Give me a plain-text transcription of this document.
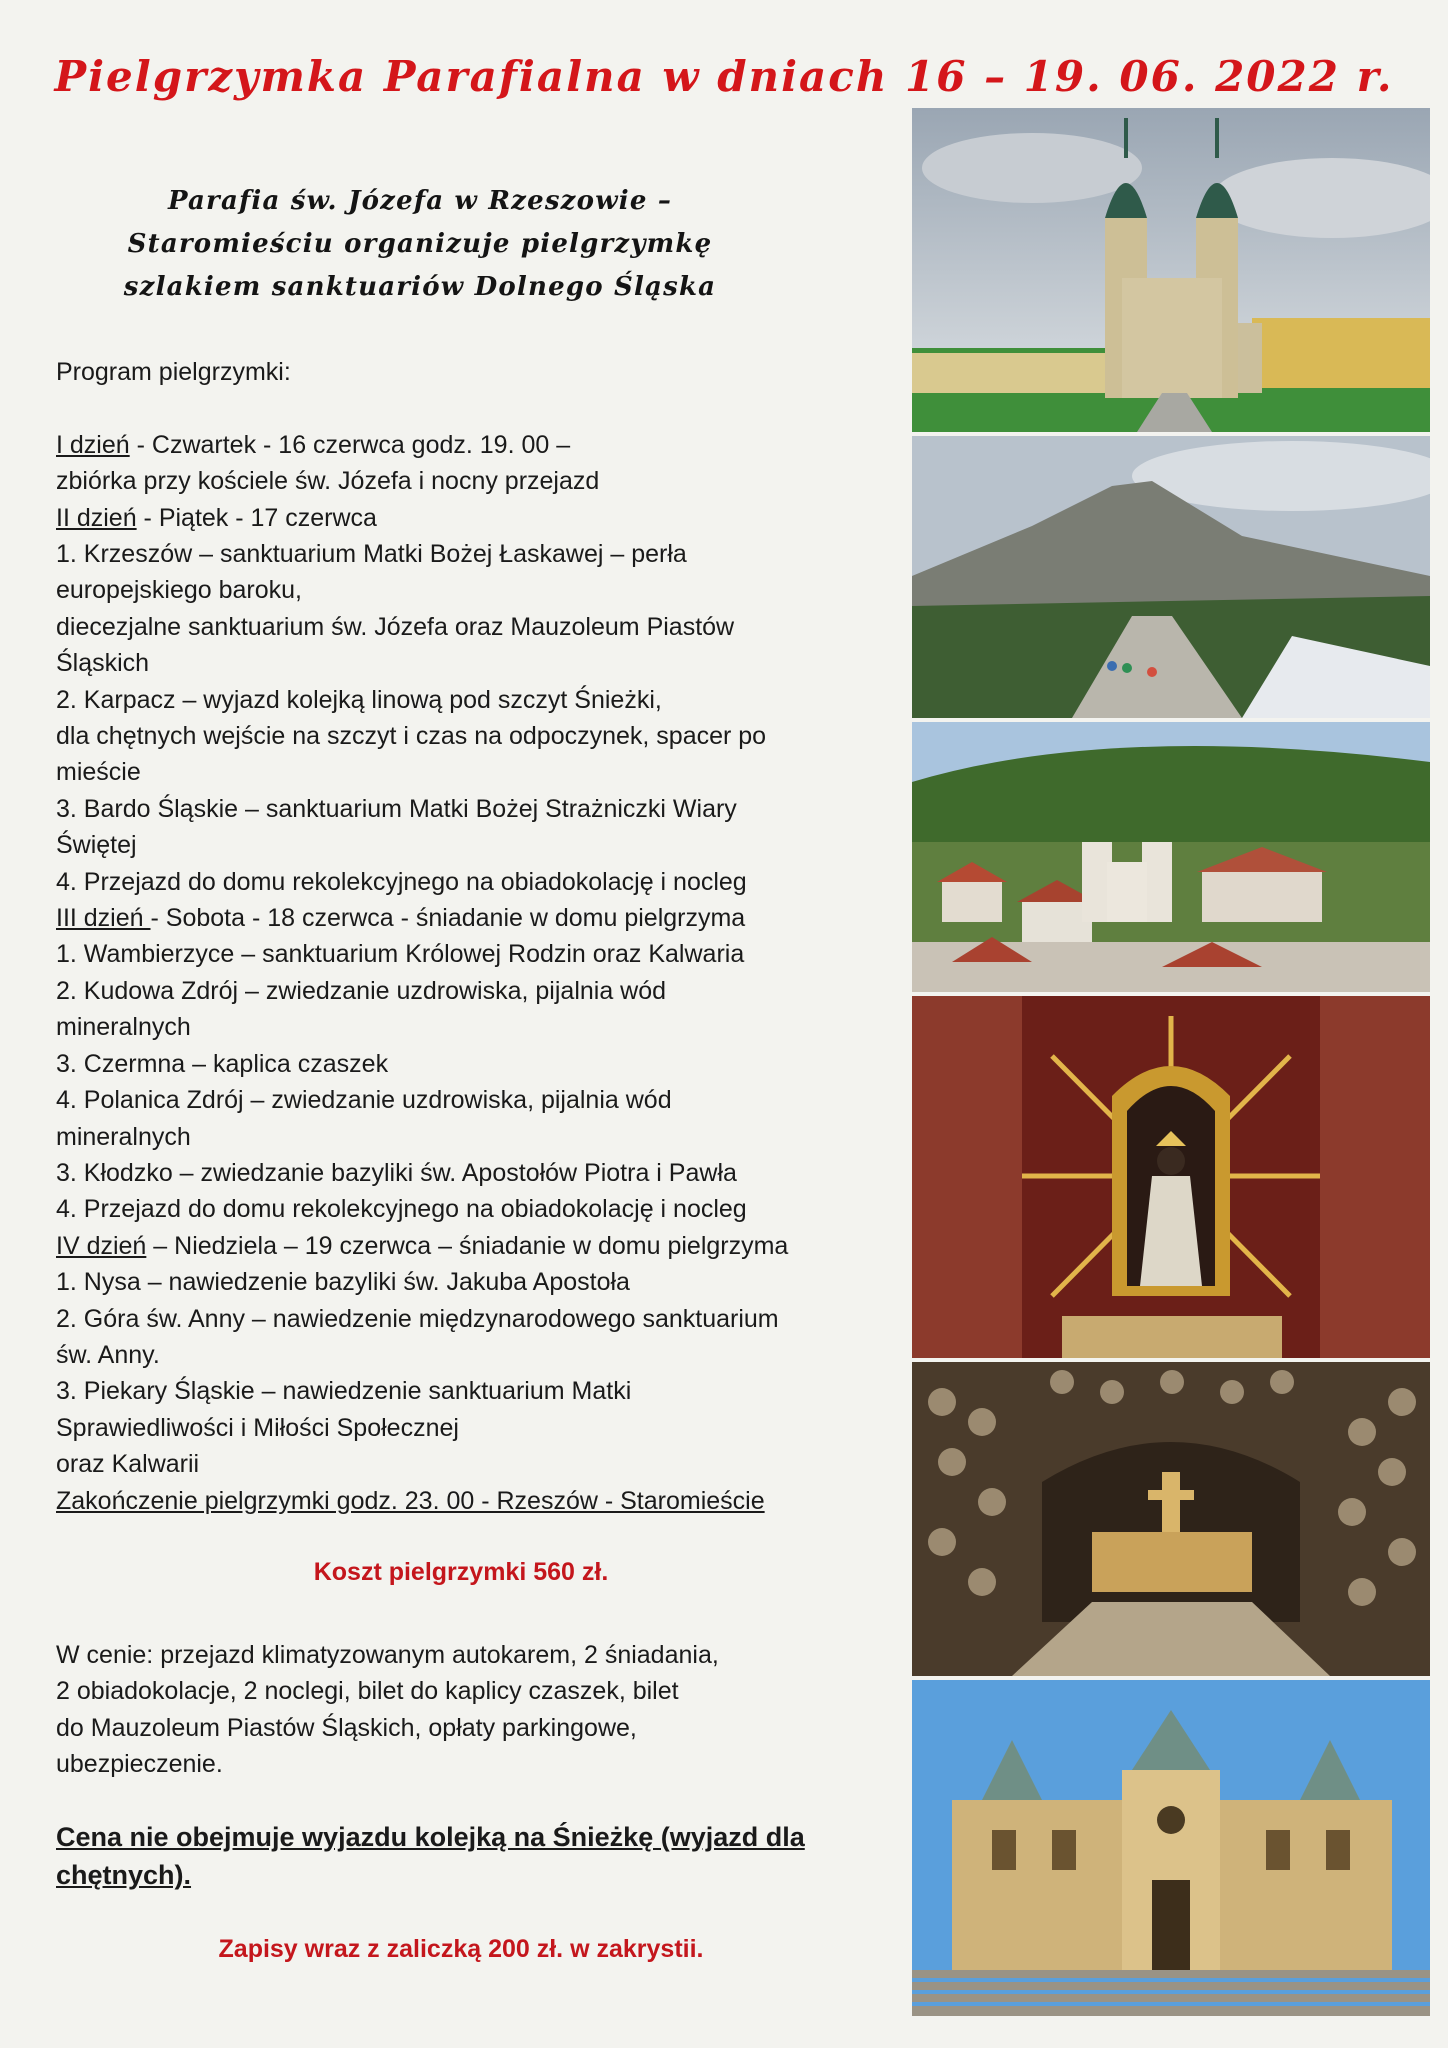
Pielgrzymka Parafialna w dniach 16 – 19. 06. 2022 r.
Parafia św. Józefa w Rzeszowie –
Staromieściu organizuje pielgrzymkę
szlakiem sanktuariów Dolnego Śląska
Program pielgrzymki:
I dzień - Czwartek - 16 czerwca godz. 19. 00 –
zbiórka przy kościele św. Józefa i nocny przejazd
II dzień - Piątek - 17 czerwca
1. Krzeszów – sanktuarium Matki Bożej Łaskawej – perła
europejskiego baroku,
diecezjalne sanktuarium św. Józefa oraz Mauzoleum Piastów
Śląskich
2. Karpacz – wyjazd kolejką linową pod szczyt Śnieżki,
dla chętnych wejście na szczyt i czas na odpoczynek, spacer po
mieście
3. Bardo Śląskie – sanktuarium Matki Bożej Strażniczki Wiary
Świętej
4. Przejazd do domu rekolekcyjnego na obiadokolację i nocleg
III dzień - Sobota - 18 czerwca - śniadanie w domu pielgrzyma
1. Wambierzyce – sanktuarium Królowej Rodzin oraz Kalwaria
2. Kudowa Zdrój – zwiedzanie uzdrowiska, pijalnia wód
mineralnych
3. Czermna – kaplica czaszek
4. Polanica Zdrój – zwiedzanie uzdrowiska, pijalnia wód
mineralnych
3. Kłodzko – zwiedzanie bazyliki św. Apostołów Piotra i Pawła
4. Przejazd do domu rekolekcyjnego na obiadokolację i nocleg
IV dzień – Niedziela – 19 czerwca – śniadanie w domu pielgrzyma
1. Nysa – nawiedzenie bazyliki św. Jakuba Apostoła
2. Góra św. Anny – nawiedzenie międzynarodowego sanktuarium
św. Anny.
3. Piekary Śląskie – nawiedzenie sanktuarium Matki
Sprawiedliwości i Miłości Społecznej
oraz Kalwarii
Zakończenie pielgrzymki godz. 23. 00 - Rzeszów - Staromieście
Koszt pielgrzymki 560 zł.
W cenie: przejazd klimatyzowanym autokarem, 2 śniadania,
2 obiadokolacje, 2 noclegi, bilet do kaplicy czaszek, bilet
do Mauzoleum Piastów Śląskich, opłaty parkingowe,
ubezpieczenie.
Cena nie obejmuje wyjazdu kolejką na Śnieżkę (wyjazd dla chętnych).
Zapisy wraz z zaliczką 200 zł. w zakrystii.
